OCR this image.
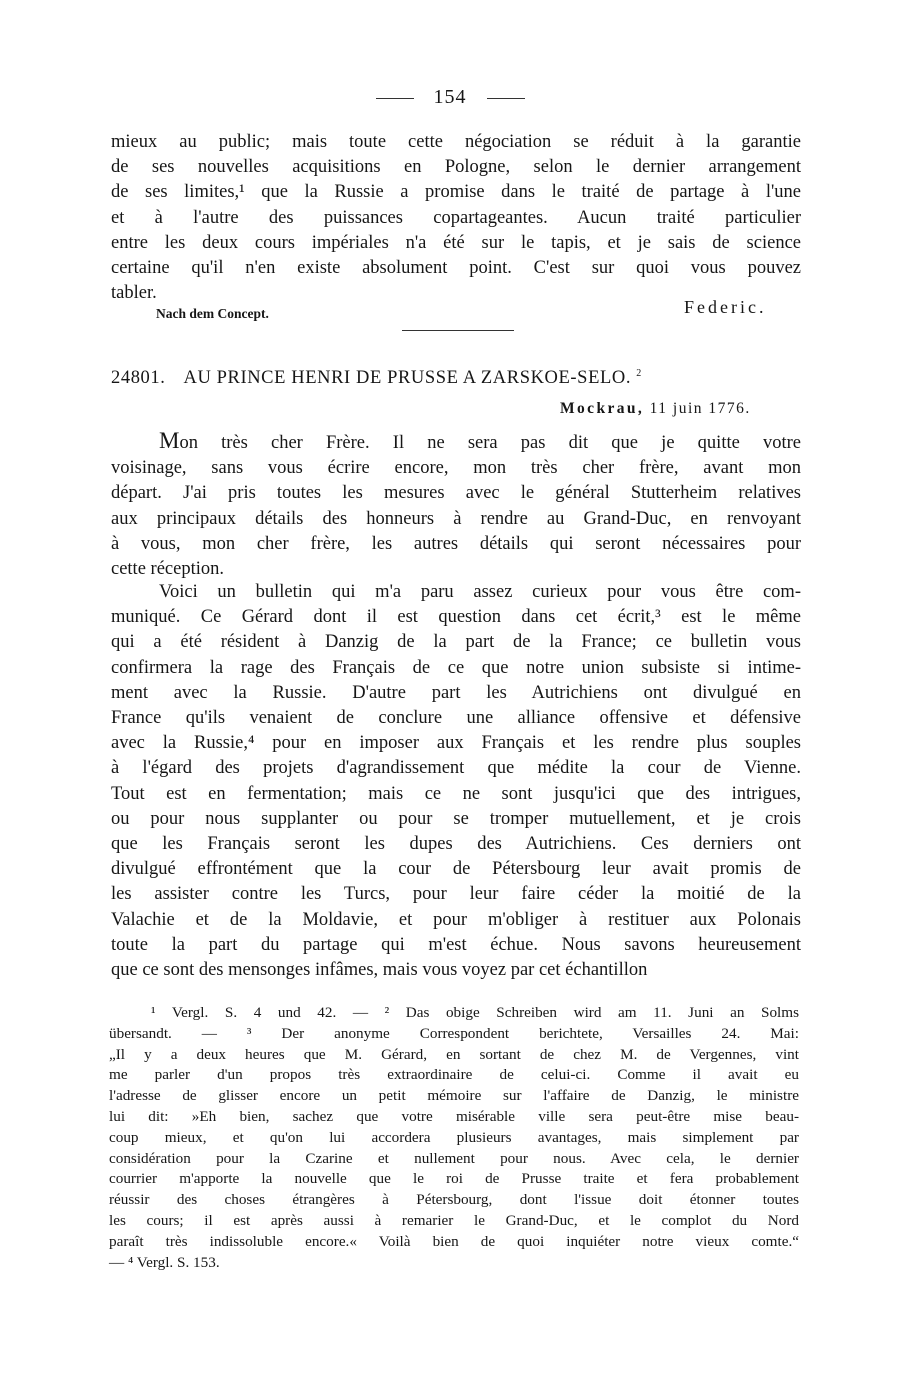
154
mieux au public; mais toute cette négociation se réduit à la garantie
de ses nouvelles acquisitions en Pologne, selon le dernier arrangement
de ses limites,¹ que la Russie a promise dans le traité de partage à l'une
et à l'autre des puissances copartageantes. Aucun traité particulier
entre les deux cours impériales n'a été sur le tapis, et je sais de science
certaine qu'il n'en existe absolument point. C'est sur quoi vous pouvez
tabler.
Nach dem Concept.	Federic.
24801. AU PRINCE HENRI DE PRUSSE A ZARSKOE-SELO. $^2$
Mockrau, 11 juin 1776.
Mon très cher Frère. Il ne sera pas dit que je quitte votre
voisinage, sans vous écrire encore, mon très cher frère, avant mon
départ. J'ai pris toutes les mesures avec le général Stutterheim relatives
aux principaux détails des honneurs à rendre au Grand-Duc, en renvoyant
à vous, mon cher frère, les autres détails qui seront nécessaires pour
cette réception.
Voici un bulletin qui m'a paru assez curieux pour vous être com-
muniqué. Ce Gérard dont il est question dans cet écrit,³ est le même
qui a été résident à Danzig de la part de la France; ce bulletin vous
confirmera la rage des Français de ce que notre union subsiste si intime-
ment avec la Russie. D'autre part les Autrichiens ont divulgué en
France qu'ils venaient de conclure une alliance offensive et défensive
avec la Russie,⁴ pour en imposer aux Français et les rendre plus souples
à l'égard des projets d'agrandissement que médite la cour de Vienne.
Tout est en fermentation; mais ce ne sont jusqu'ici que des intrigues,
ou pour nous supplanter ou pour se tromper mutuellement, et je crois
que les Français seront les dupes des Autrichiens. Ces derniers ont
divulgué effrontément que la cour de Pétersbourg leur avait promis de
les assister contre les Turcs, pour leur faire céder la moitié de la
Valachie et de la Moldavie, et pour m'obliger à restituer aux Polonais
toute la part du partage qui m'est échue. Nous savons heureusement
que ce sont des mensonges infâmes, mais vous voyez par cet échantillon
¹ Vergl. S. 4 und 42. — ² Das obige Schreiben wird am 11. Juni an Solms
übersandt. — ³ Der anonyme Correspondent berichtete, Versailles 24. Mai:
„Il y a deux heures que M. Gérard, en sortant de chez M. de Vergennes, vint
me parler d'un propos très extraordinaire de celui-ci. Comme il avait eu
l'adresse de glisser encore un petit mémoire sur l'affaire de Danzig, le ministre
lui dit: »Eh bien, sachez que votre misérable ville sera peut-être mise beau-
coup mieux, et qu'on lui accordera plusieurs avantages, mais simplement par
considération pour la Czarine et nullement pour nous. Avec cela, le dernier
courrier m'apporte la nouvelle que le roi de Prusse traite et fera probablement
réussir des choses étrangères à Pétersbourg, dont l'issue doit étonner toutes
les cours; il est après aussi à remarier le Grand-Duc, et le complot du Nord
paraît très indissoluble encore.« Voilà bien de quoi inquiéter notre vieux comte.“
— ⁴ Vergl. S. 153.
